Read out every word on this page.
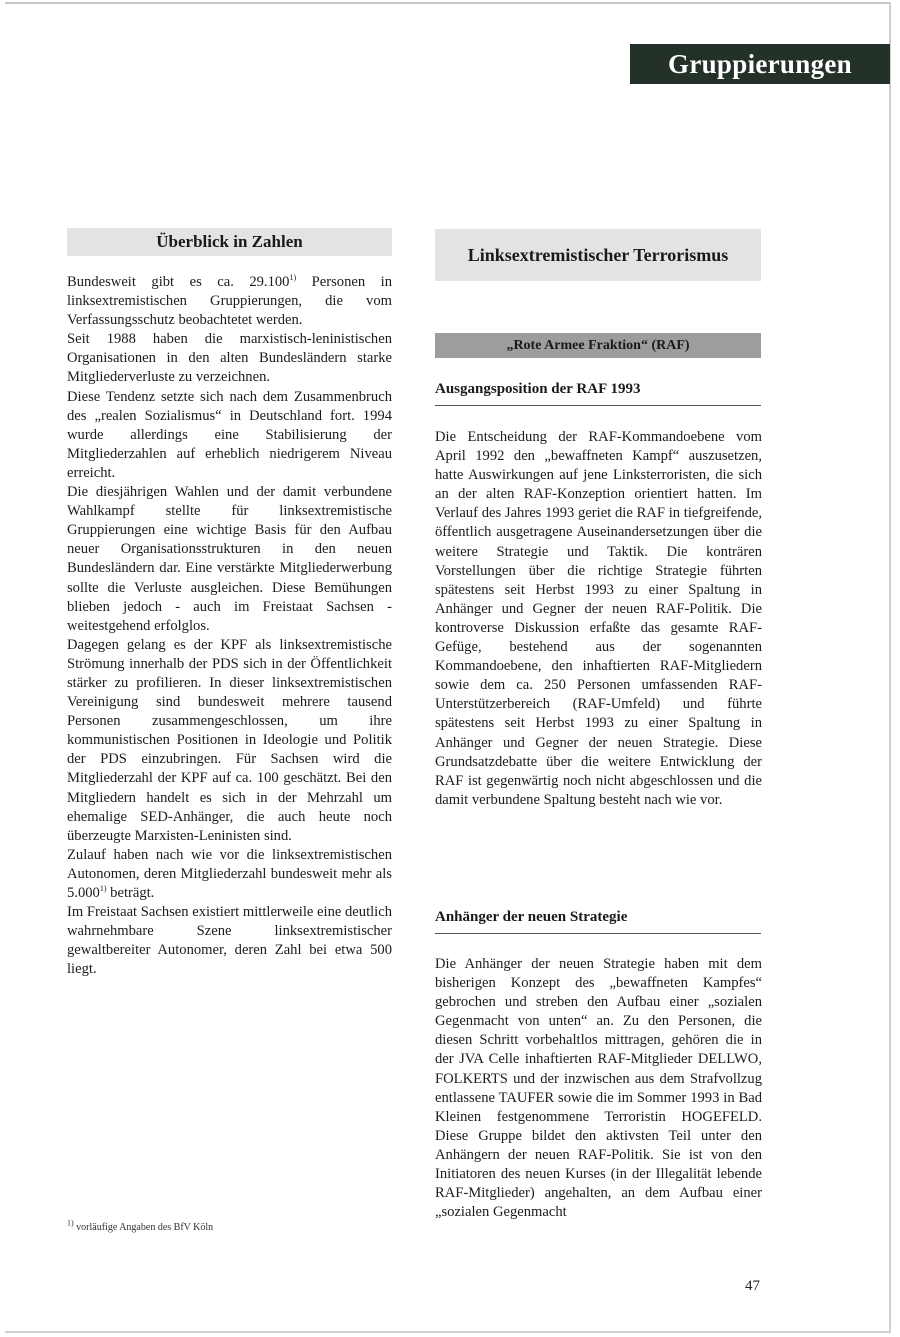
Gruppierungen
Überblick in Zahlen

Bundesweit gibt es ca. 29.100$^{1)}$ Personen in linksextremistischen Gruppierungen, die vom Verfassungsschutz beobachtetet werden.

Seit 1988 haben die marxistisch-leninistischen Organisationen in den alten Bundesländern starke Mitgliederverluste zu verzeichnen.

Diese Tendenz setzte sich nach dem Zusammenbruch des „realen Sozialismus“ in Deutschland fort. 1994 wurde allerdings eine Stabilisierung der Mitgliederzahlen auf erheblich niedrigerem Niveau erreicht.

Die diesjährigen Wahlen und der damit verbundene Wahlkampf stellte für linksextremistische Gruppierungen eine wichtige Basis für den Aufbau neuer Organisationsstrukturen in den neuen Bundesländern dar. Eine verstärkte Mitgliederwerbung sollte die Verluste ausgleichen. Diese Bemühungen blieben jedoch - auch im Freistaat Sachsen - weitestgehend erfolglos.

Dagegen gelang es der KPF als linksextremistische Strömung innerhalb der PDS sich in der Öffentlichkeit stärker zu profilieren. In dieser linksextremistischen Vereinigung sind bundesweit mehrere tausend Personen zusammengeschlossen, um ihre kommunistischen Positionen in Ideologie und Politik der PDS einzubringen. Für Sachsen wird die Mitgliederzahl der KPF auf ca. 100 geschätzt. Bei den Mitgliedern handelt es sich in der Mehrzahl um ehemalige SED-Anhänger, die auch heute noch überzeugte Marxisten-Leninisten sind.

Zulauf haben nach wie vor die linksextremistischen Autonomen, deren Mitgliederzahl bundesweit mehr als 5.000$^{1)}$ beträgt.

Im Freistaat Sachsen existiert mittlerweile eine deutlich wahrnehmbare Szene linksextremistischer gewaltbereiter Autonomer, deren Zahl bei etwa 500 liegt.

Linksextremistischer Terrorismus
„Rote Armee Fraktion“ (RAF)
Ausgangsposition der RAF 1993

Die Entscheidung der RAF-Kommandoebene vom April 1992 den „bewaffneten Kampf“ auszusetzen, hatte Auswirkungen auf jene Linksterroristen, die sich an der alten RAF-Konzeption orientiert hatten. Im Verlauf des Jahres 1993 geriet die RAF in tiefgreifende, öffentlich ausgetragene Auseinandersetzungen über die weitere Strategie und Taktik. Die konträren Vorstellungen über die richtige Strategie führten spätestens seit Herbst 1993 zu einer Spaltung in Anhänger und Gegner der neuen RAF-Politik. Die kontroverse Diskussion erfaßte das gesamte RAF-Gefüge, bestehend aus der sogenannten Kommandoebene, den inhaftierten RAF-Mitgliedern sowie dem ca. 250 Personen umfassenden RAF-Unterstützerbereich (RAF-Umfeld) und führte spätestens seit Herbst 1993 zu einer Spaltung in Anhänger und Gegner der neuen Strategie. Diese Grundsatzdebatte über die weitere Entwicklung der RAF ist gegenwärtig noch nicht abgeschlossen und die damit verbundene Spaltung besteht nach wie vor.

Anhänger der neuen Strategie

Die Anhänger der neuen Strategie haben mit dem bisherigen Konzept des „bewaffneten Kampfes“ gebrochen und streben den Aufbau einer „sozialen Gegenmacht von unten“ an. Zu den Personen, die diesen Schritt vorbehaltlos mittragen, gehören die in der JVA Celle inhaftierten RAF-Mitglieder DELLWO, FOLKERTS und der inzwischen aus dem Strafvollzug entlassene TAUFER sowie die im Sommer 1993 in Bad Kleinen festgenommene Terroristin HOGEFELD. Diese Gruppe bildet den aktivsten Teil unter den Anhängern der neuen RAF-Politik. Sie ist von den Initiatoren des neuen Kurses (in der Illegalität lebende RAF-Mitglieder) angehalten, an dem Aufbau einer „sozialen Gegenmacht

$^{1)}$ vorläufige Angaben des BfV Köln
47
